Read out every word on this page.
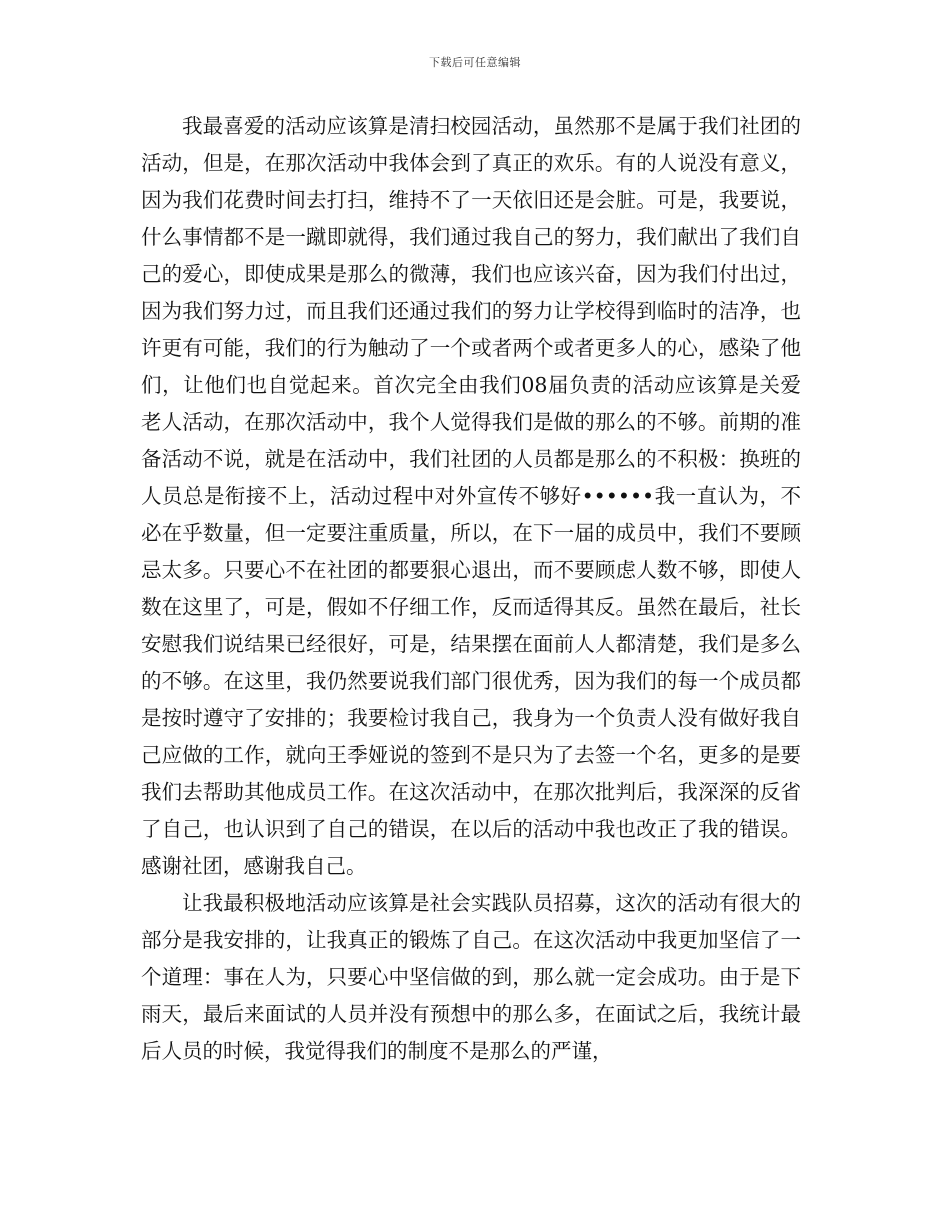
下载后可任意编辑

我最喜爱的活动应该算是清扫校园活动，虽然那不是属于我们社团的活动，但是，在那次活动中我体会到了真正的欢乐。有的人说没有意义，因为我们花费时间去打扫，维持不了一天依旧还是会脏。可是，我要说，什么事情都不是一蹴即就得，我们通过我自己的努力，我们献出了我们自己的爱心，即使成果是那么的微薄，我们也应该兴奋，因为我们付出过，因为我们努力过，而且我们还通过我们的努力让学校得到临时的洁净，也许更有可能，我们的行为触动了一个或者两个或者更多人的心，感染了他们，让他们也自觉起来。首次完全由我们08届负责的活动应该算是关爱老人活动，在那次活动中，我个人觉得我们是做的那么的不够。前期的准备活动不说，就是在活动中，我们社团的人员都是那么的不积极：换班的人员总是衔接不上，活动过程中对外宣传不够好••••••我一直认为，不必在乎数量，但一定要注重质量，所以，在下一届的成员中，我们不要顾忌太多。只要心不在社团的都要狠心退出，而不要顾虑人数不够，即使人数在这里了，可是，假如不仔细工作，反而适得其反。虽然在最后，社长安慰我们说结果已经很好，可是，结果摆在面前人人都清楚，我们是多么的不够。在这里，我仍然要说我们部门很优秀，因为我们的每一个成员都是按时遵守了安排的；我要检讨我自己，我身为一个负责人没有做好我自己应做的工作，就向王季娅说的签到不是只为了去签一个名，更多的是要我们去帮助其他成员工作。在这次活动中，在那次批判后，我深深的反省了自己，也认识到了自己的错误，在以后的活动中我也改正了我的错误。感谢社团，感谢我自己。

让我最积极地活动应该算是社会实践队员招募，这次的活动有很大的部分是我安排的，让我真正的锻炼了自己。在这次活动中我更加坚信了一个道理：事在人为，只要心中坚信做的到，那么就一定会成功。由于是下雨天，最后来面试的人员并没有预想中的那么多，在面试之后，我统计最后人员的时候，我觉得我们的制度不是那么的严谨，
